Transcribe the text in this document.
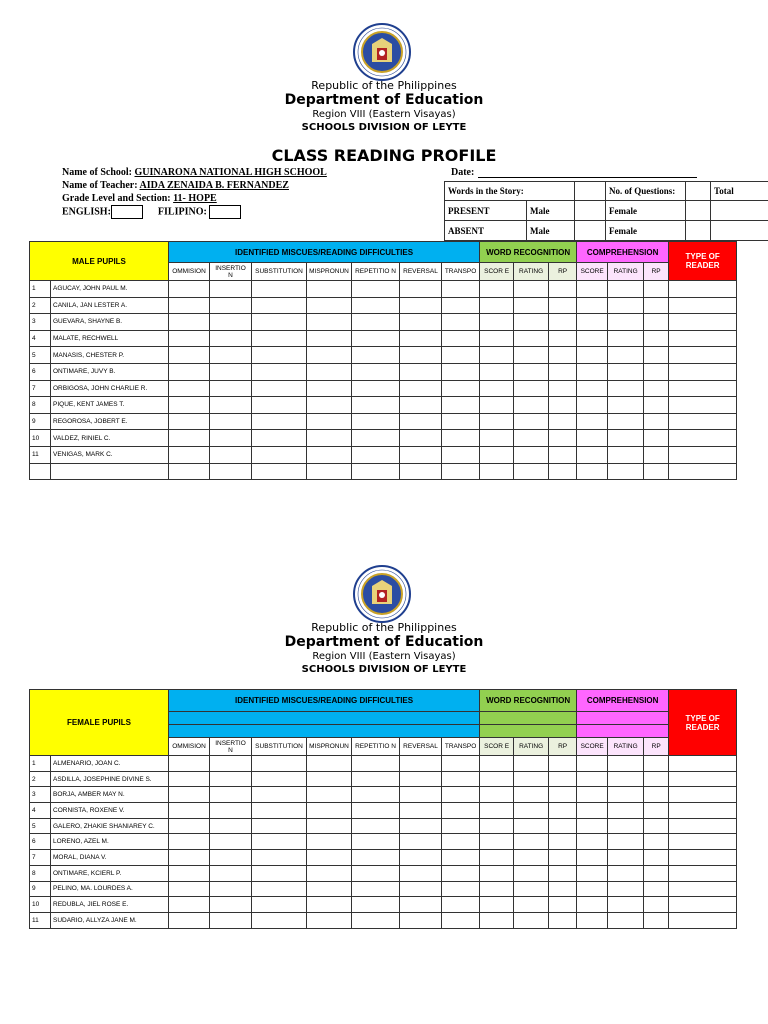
Republic of the Philippines
Department of Education
Region VIII (Eastern Visayas)
SCHOOLS DIVISION OF LEYTE
CLASS READING PROFILE
Name of School: GUINARONA NATIONAL HIGH SCHOOL
Name of Teacher: AIDA ZENAIDA B. FERNANDEZ
Grade Level and Section: 11- HOPE
ENGLISH:	FILIPINO:
Date:
Words in the Story:			No. of Questions:		Total
PRESENT	Male		Female		
ABSENT	Male		Female		
MALE PUPILS		IDENTIFIED MISCUES/READING DIFFICULTIES							WORD RECOGNITION			COMPREHENSION			TYPE OF READER
		OMMISION	INSERTIO N	SUBSTITUTION	MISPRONUN	REPETITIO N	REVERSAL	TRANSPO	SCOR E	RATING	RP	SCORE	RATING	RP	
1	AGUCAY, JOHN PAUL M.														
2	CANILA, JAN LESTER A.														
3	GUEVARA, SHAYNE B.														
4	MALATE, RECHWELL														
5	MANASIS, CHESTER P.														
6	ONTIMARE, JUVY B.														
7	ORBIGOSA, JOHN CHARLIE R.														
8	PIQUE, KENT JAMES T.														
9	REGOROSA, JOBERT E.														
10	VALDEZ, RINIEL C.														
11	VENIGAS, MARK C.														

Republic of the Philippines
Department of Education
Region VIII (Eastern Visayas)
SCHOOLS DIVISION OF LEYTE
FEMALE PUPILS		IDENTIFIED MISCUES/READING DIFFICULTIES							WORD RECOGNITION			COMPREHENSION			TYPE OF READER

		OMMISION	INSERTIO N	SUBSTITUTION	MISPRONUN	REPETITIO N	REVERSAL	TRANSPO	SCOR E	RATING	RP	SCORE	RATING	RP	
1	ALMENARIO, JOAN C.														
2	ASDILLA, JOSEPHINE DIVINE S.														
3	BORJA, AMBER MAY N.														
4	CORNISTA, ROXENE V.														
5	GALERO, ZHAKIE SHANIAREY C.														
6	LORENO, AZEL M.														
7	MORAL, DIANA V.														
8	ONTIMARE, KCIERL P.														
9	PELINO, MA. LOURDES A.														
10	REDUBLA, JIEL ROSE E.														
11	SUDARIO, ALLYZA JANE M.														
